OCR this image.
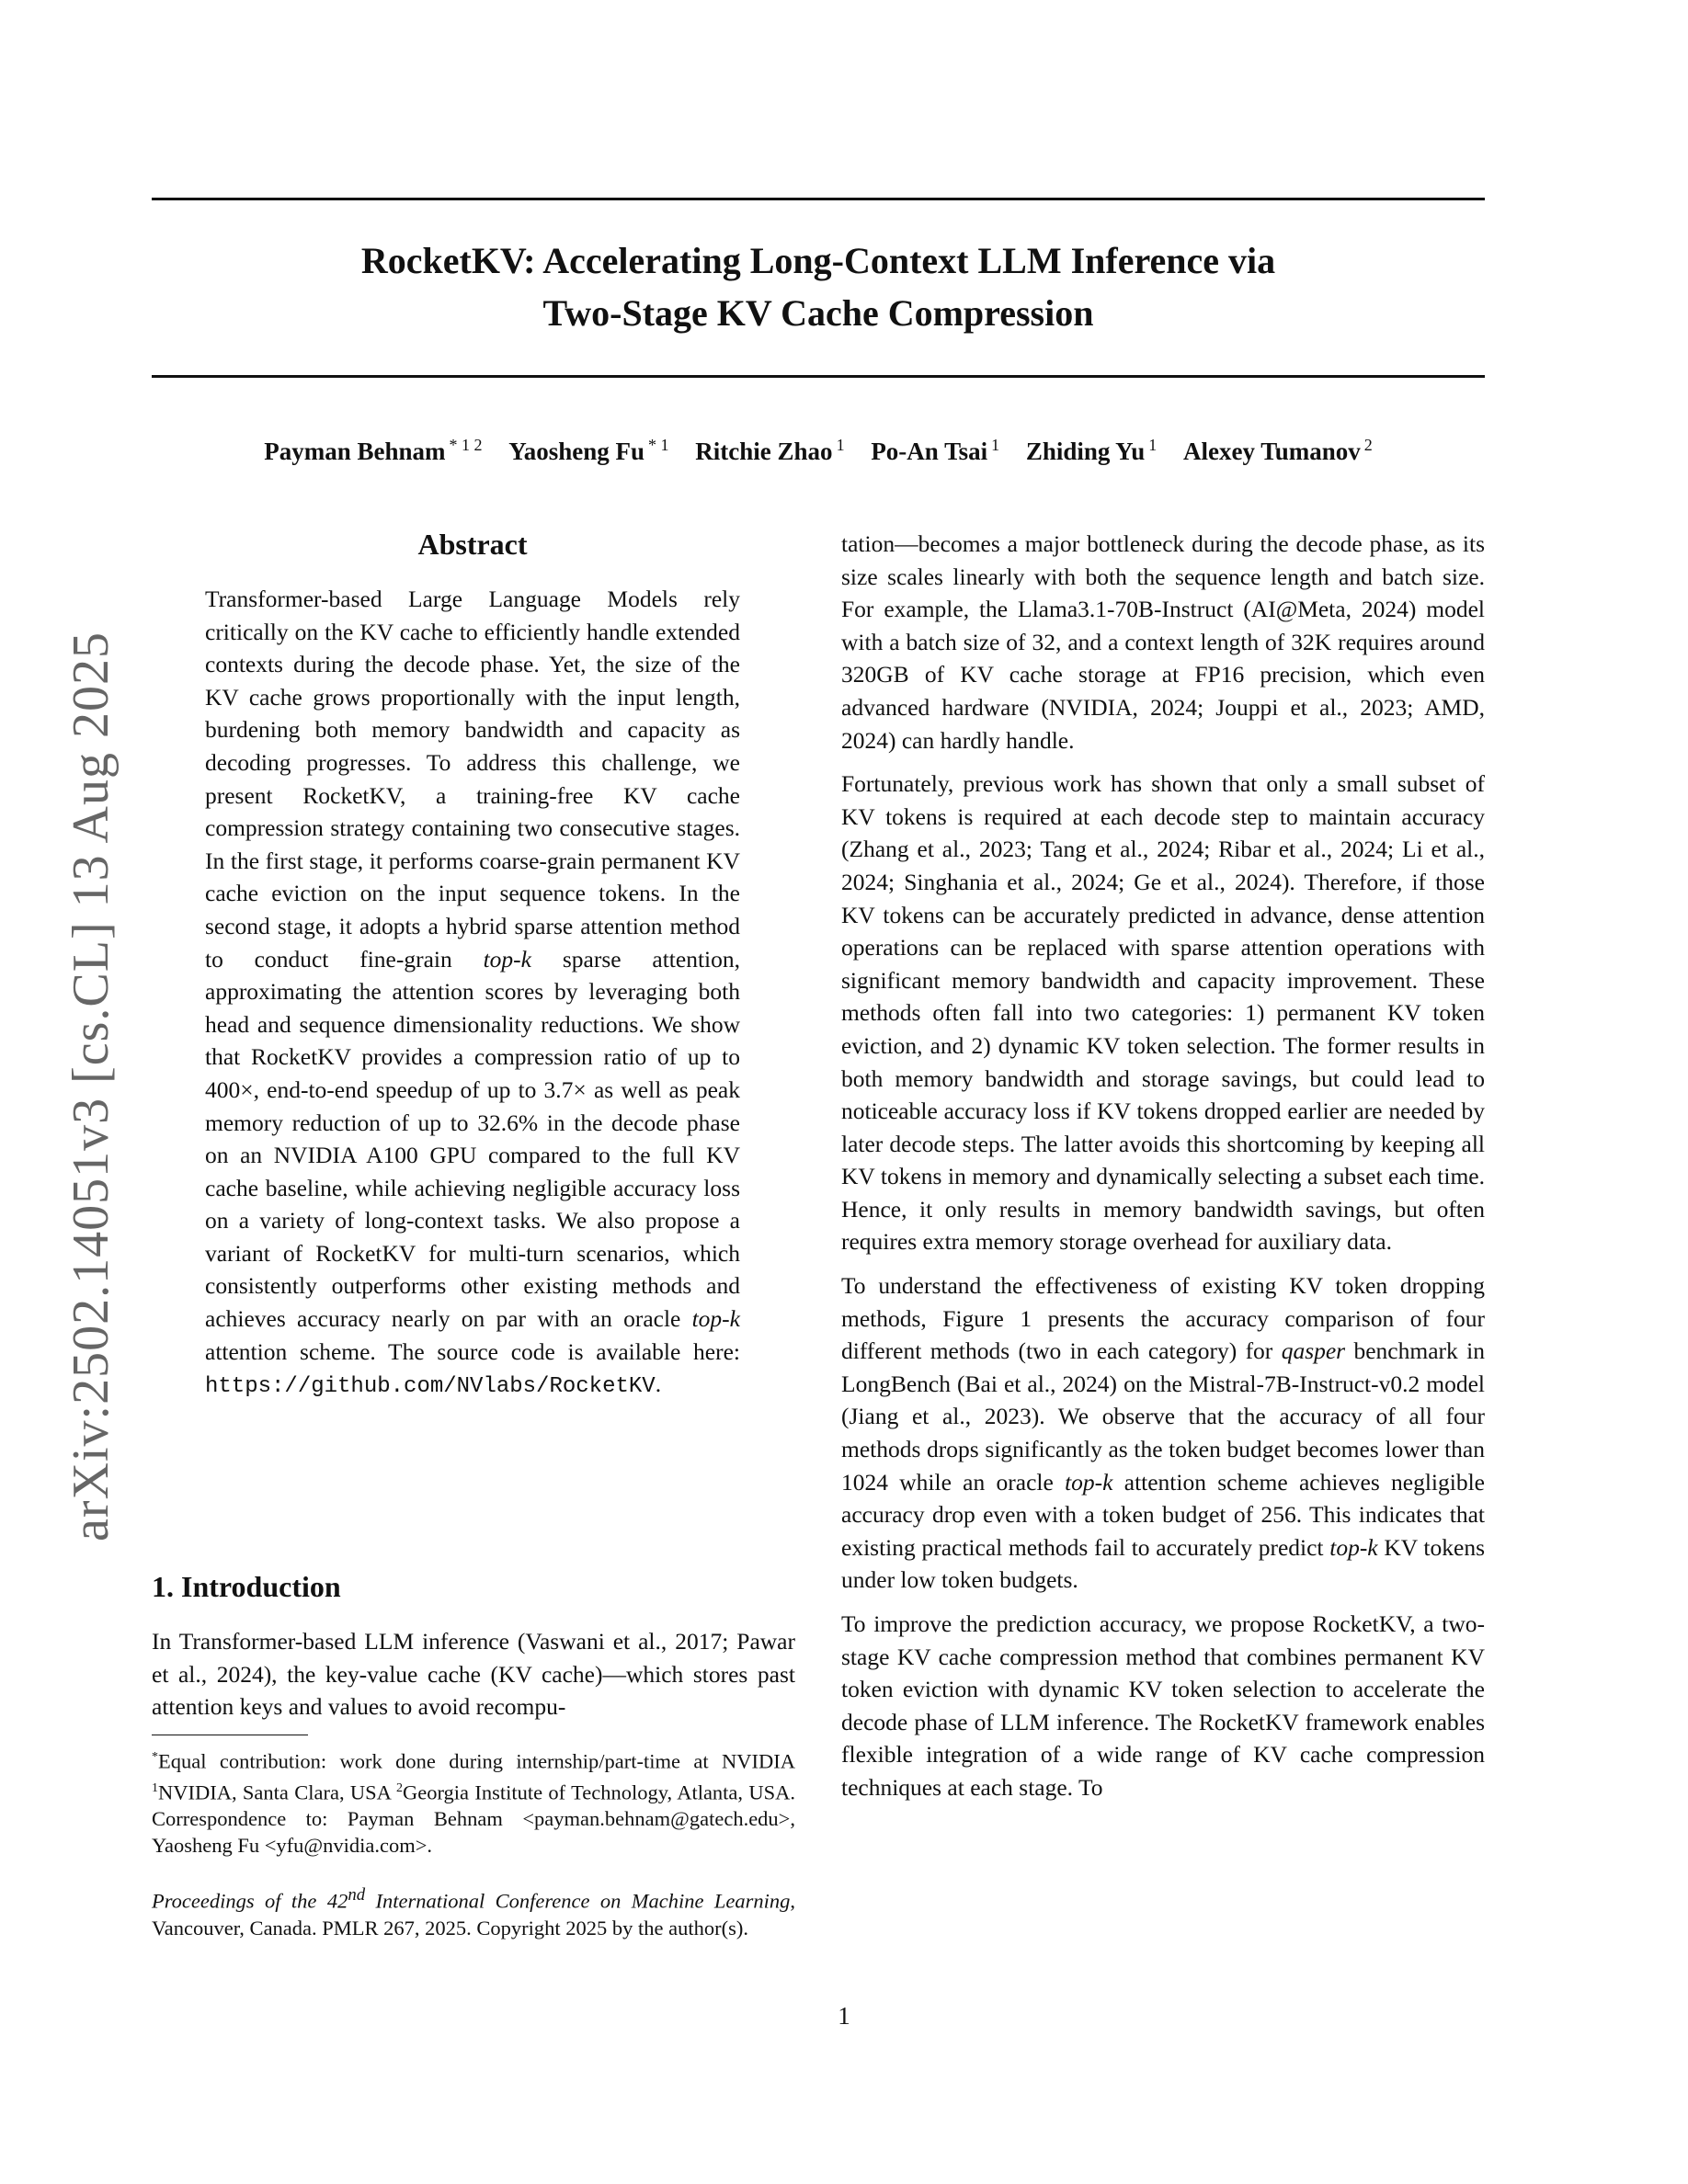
arXiv:2502.14051v3 [cs.CL] 13 Aug 2025
RocketKV: Accelerating Long-Context LLM Inference via
Two-Stage KV Cache Compression
Payman Behnam $^{* 1 2}$ Yaosheng Fu $^{* 1}$ Ritchie Zhao $^1$ Po-An Tsai $^1$ Zhiding Yu $^1$ Alexey Tumanov $^2$
Abstract
Transformer-based Large Language Models rely critically on the KV cache to efficiently handle extended contexts during the decode phase. Yet, the size of the KV cache grows proportionally with the input length, burdening both memory bandwidth and capacity as decoding progresses. To address this challenge, we present RocketKV, a training-free KV cache compression strategy containing two consecutive stages. In the first stage, it performs coarse-grain permanent KV cache eviction on the input sequence tokens. In the second stage, it adopts a hybrid sparse attention method to conduct fine-grain top-k sparse attention, approximating the attention scores by leveraging both head and sequence dimensionality reductions. We show that RocketKV provides a compression ratio of up to 400×, end-to-end speedup of up to 3.7× as well as peak memory reduction of up to 32.6% in the decode phase on an NVIDIA A100 GPU compared to the full KV cache baseline, while achieving negligible accuracy loss on a variety of long-context tasks. We also propose a variant of RocketKV for multi-turn scenarios, which consistently outperforms other existing methods and achieves accuracy nearly on par with an oracle top-k attention scheme. The source code is available here: https://github.com/NVlabs/RocketKV.
1. Introduction
In Transformer-based LLM inference (Vaswani et al., 2017; Pawar et al., 2024), the key-value cache (KV cache)—which stores past attention keys and values to avoid recompu-
*Equal contribution: work done during internship/part-time at NVIDIA $^1$NVIDIA, Santa Clara, USA $^2$Georgia Institute of Technology, Atlanta, USA. Correspondence to: Payman Behnam <payman.behnam@gatech.edu>, Yaosheng Fu <yfu@nvidia.com>.
Proceedings of the 42nd International Conference on Machine Learning, Vancouver, Canada. PMLR 267, 2025. Copyright 2025 by the author(s).

tation—becomes a major bottleneck during the decode phase, as its size scales linearly with both the sequence length and batch size. For example, the Llama3.1-70B-Instruct (AI@Meta, 2024) model with a batch size of 32, and a context length of 32K requires around 320GB of KV cache storage at FP16 precision, which even advanced hardware (NVIDIA, 2024; Jouppi et al., 2023; AMD, 2024) can hardly handle.

Fortunately, previous work has shown that only a small subset of KV tokens is required at each decode step to maintain accuracy (Zhang et al., 2023; Tang et al., 2024; Ribar et al., 2024; Li et al., 2024; Singhania et al., 2024; Ge et al., 2024). Therefore, if those KV tokens can be accurately predicted in advance, dense attention operations can be replaced with sparse attention operations with significant memory bandwidth and capacity improvement. These methods often fall into two categories: 1) permanent KV token eviction, and 2) dynamic KV token selection. The former results in both memory bandwidth and storage savings, but could lead to noticeable accuracy loss if KV tokens dropped earlier are needed by later decode steps. The latter avoids this shortcoming by keeping all KV tokens in memory and dynamically selecting a subset each time. Hence, it only results in memory bandwidth savings, but often requires extra memory storage overhead for auxiliary data.

To understand the effectiveness of existing KV token dropping methods, Figure 1 presents the accuracy comparison of four different methods (two in each category) for qasper benchmark in LongBench (Bai et al., 2024) on the Mistral-7B-Instruct-v0.2 model (Jiang et al., 2023). We observe that the accuracy of all four methods drops significantly as the token budget becomes lower than 1024 while an oracle top-k attention scheme achieves negligible accuracy drop even with a token budget of 256. This indicates that existing practical methods fail to accurately predict top-k KV tokens under low token budgets.

To improve the prediction accuracy, we propose RocketKV, a two-stage KV cache compression method that combines permanent KV token eviction with dynamic KV token selection to accelerate the decode phase of LLM inference. The RocketKV framework enables flexible integration of a wide range of KV cache compression techniques at each stage. To

1
